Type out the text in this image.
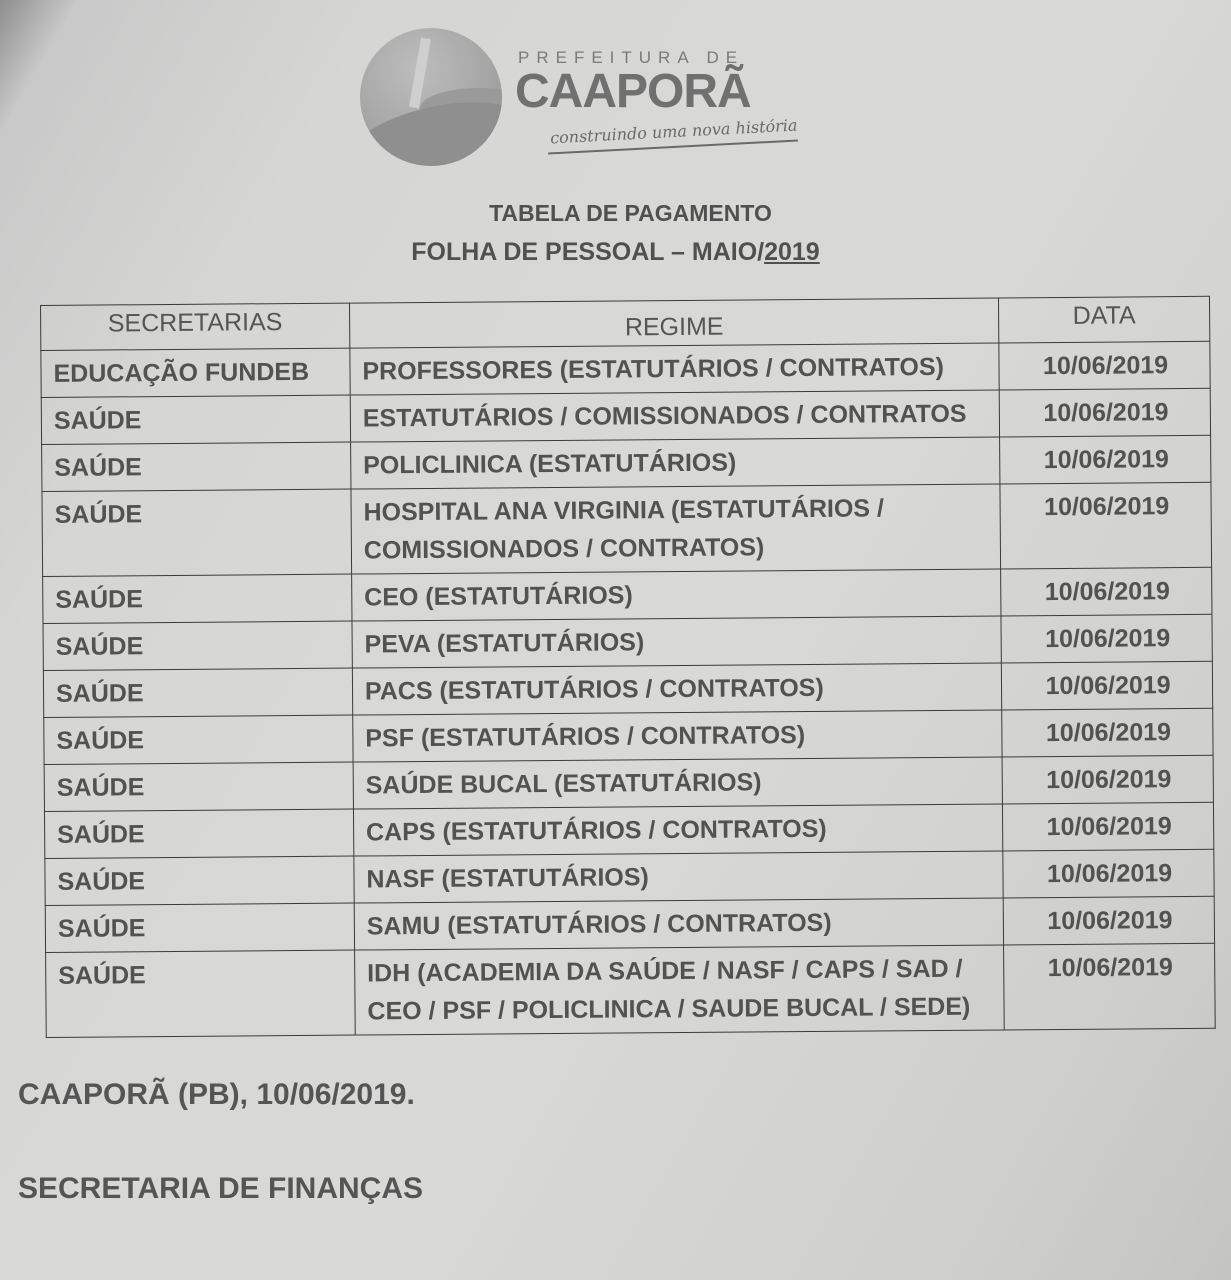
PREFEITURA DE
CAAPORÃ
construindo uma nova história
TABELA DE PAGAMENTO
FOLHA DE PESSOAL – MAIO/2019
SECRETARIAS	REGIME	DATA
EDUCAÇÃO FUNDEB	PROFESSORES (ESTATUTÁRIOS / CONTRATOS)	10/06/2019
SAÚDE	ESTATUTÁRIOS / COMISSIONADOS / CONTRATOS	10/06/2019
SAÚDE	POLICLINICA (ESTATUTÁRIOS)	10/06/2019
SAÚDE	HOSPITAL ANA VIRGINIA (ESTATUTÁRIOS / COMISSIONADOS / CONTRATOS)	10/06/2019
SAÚDE	CEO (ESTATUTÁRIOS)	10/06/2019
SAÚDE	PEVA (ESTATUTÁRIOS)	10/06/2019
SAÚDE	PACS (ESTATUTÁRIOS / CONTRATOS)	10/06/2019
SAÚDE	PSF (ESTATUTÁRIOS / CONTRATOS)	10/06/2019
SAÚDE	SAÚDE BUCAL (ESTATUTÁRIOS)	10/06/2019
SAÚDE	CAPS (ESTATUTÁRIOS / CONTRATOS)	10/06/2019
SAÚDE	NASF (ESTATUTÁRIOS)	10/06/2019
SAÚDE	SAMU (ESTATUTÁRIOS / CONTRATOS)	10/06/2019
SAÚDE	IDH (ACADEMIA DA SAÚDE / NASF / CAPS / SAD / CEO / PSF / POLICLINICA / SAUDE BUCAL / SEDE)	10/06/2019
CAAPORÃ (PB), 10/06/2019.
SECRETARIA DE FINANÇAS
